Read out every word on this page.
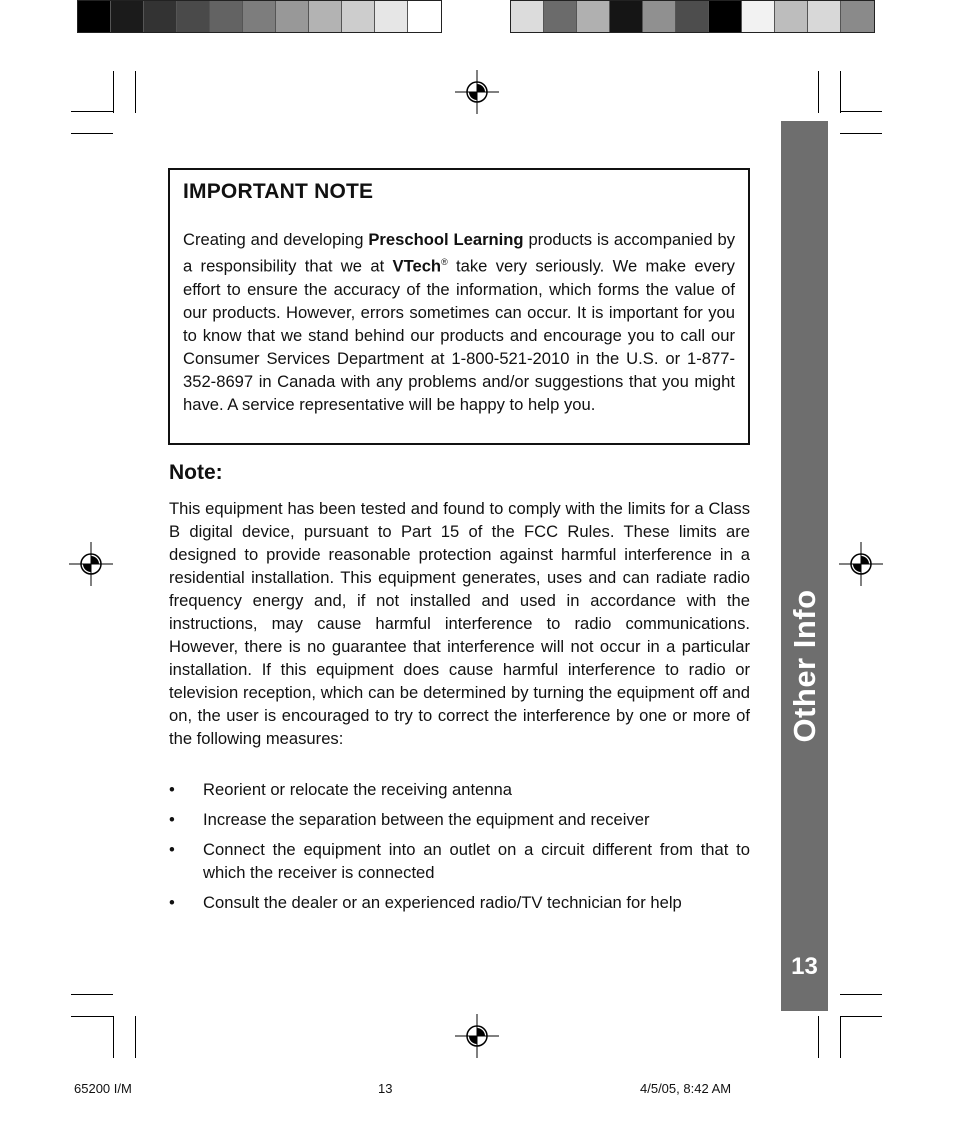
Other Info
13
IMPORTANT NOTE

Creating and developing Preschool Learning products is accompanied by a responsibility that we at VTech® take very seriously. We make every effort to ensure the accuracy of the information, which forms the value of our products. However, errors sometimes can occur. It is important for you to know that we stand behind our products and encourage you to call our Consumer Services Department at 1-800-521-2010 in the U.S. or 1-877-352-8697 in Canada with any problems and/or suggestions that you might have. A service representative will be happy to help you.

Note:

This equipment has been tested and found to comply with the limits for a Class B digital device, pursuant to Part 15 of the FCC Rules. These limits are designed to provide reasonable protection against harmful interference in a residential installation. This equipment generates, uses and can radiate radio frequency energy and, if not installed and used in accordance with the instructions, may cause harmful interference to radio communications. However, there is no guarantee that interference will not occur in a particular installation. If this equipment does cause harmful interference to radio or television reception, which can be determined by turning the equipment off and on, the user is encouraged to try to correct the interference by one or more of the following measures:

• Reorient or relocate the receiving antenna
• Increase the separation between the equipment and receiver
• Connect the equipment into an outlet on a circuit different from that to which the receiver is connected
• Consult the dealer or an experienced radio/TV technician for help
65200 I/M	13	4/5/05, 8:42 AM
